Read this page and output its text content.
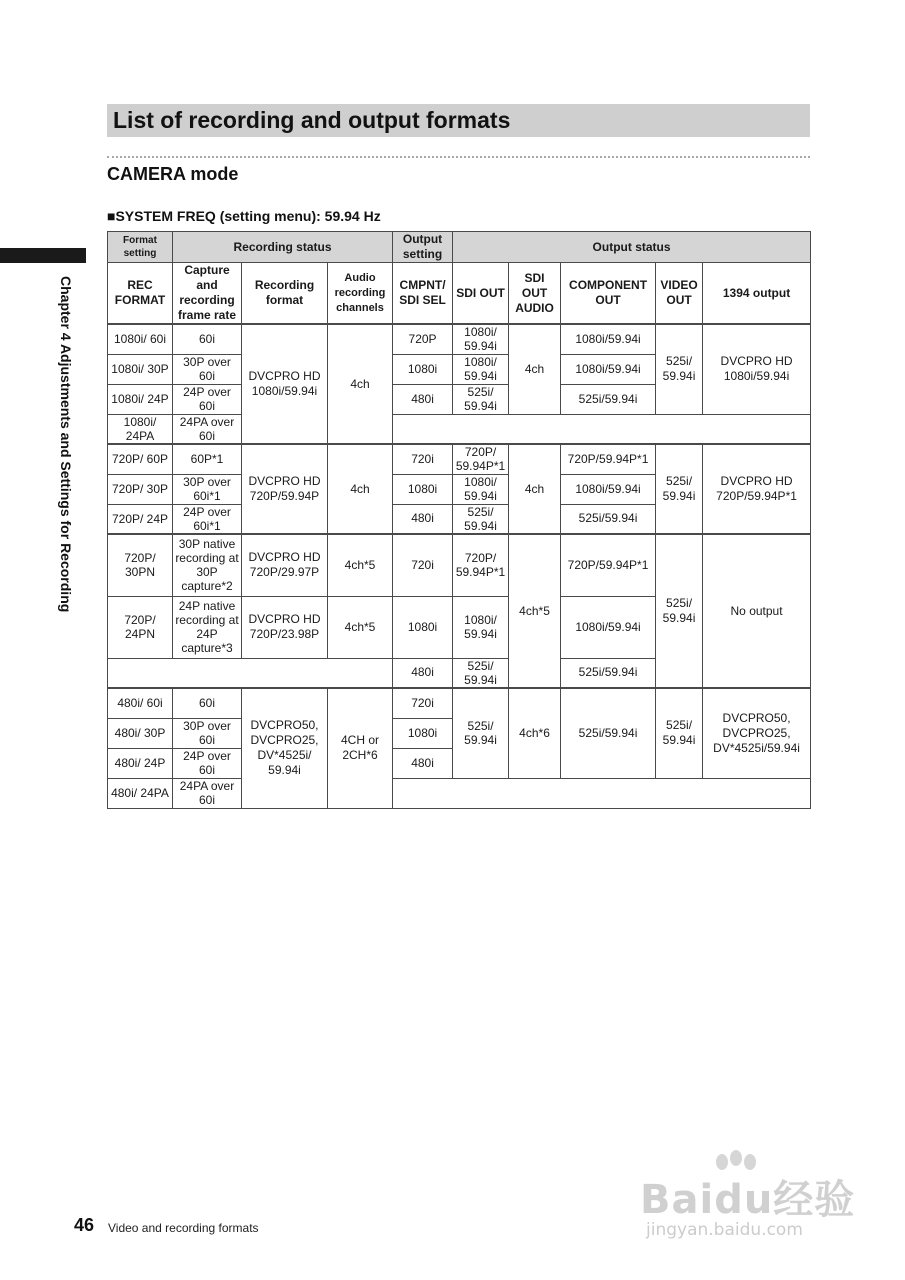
List of recording and output formats
CAMERA mode
■SYSTEM FREQ (setting menu): 59.94 Hz
Chapter 4 Adjustments and Settings for Recording
Format setting	Recording status			Output setting	Output status				
REC FORMAT	Capture and recording frame rate	Recording format	Audio recording channels	CMPNT/ SDI SEL	SDI OUT	SDI OUT AUDIO	COMPONENT OUT	VIDEO OUT	1394 output
1080i/ 60i	60i	DVCPRO HD 1080i/59.94i	4ch	720P	1080i/ 59.94i	4ch	1080i/59.94i	525i/ 59.94i	DVCPRO HD 1080i/59.94i
1080i/ 30P	30P over 60i			1080i	1080i/ 59.94i		1080i/59.94i		
1080i/ 24P	24P over 60i			480i	525i/ 59.94i		525i/59.94i		
1080i/ 24PA	24PA over 60i								
720P/ 60P	60P*1	DVCPRO HD 720P/59.94P	4ch	720i	720P/ 59.94P*1	4ch	720P/59.94P*1	525i/ 59.94i	DVCPRO HD 720P/59.94P*1
720P/ 30P	30P over 60i*1			1080i	1080i/ 59.94i		1080i/59.94i		
720P/ 24P	24P over 60i*1			480i	525i/ 59.94i		525i/59.94i		
720P/ 30PN	30P native recording at 30P capture*2	DVCPRO HD 720P/29.97P	4ch*5	720i	720P/ 59.94P*1	4ch*5	720P/59.94P*1	525i/ 59.94i	No output
720P/ 24PN	24P native recording at 24P capture*3	DVCPRO HD 720P/23.98P	4ch*5	1080i	1080i/ 59.94i		1080i/59.94i		
				480i	525i/ 59.94i		525i/59.94i		
480i/ 60i	60i	DVCPRO50, DVCPRO25, DV*4525i/ 59.94i	4CH or 2CH*6	720i	525i/ 59.94i	4ch*6	525i/59.94i	525i/ 59.94i	DVCPRO50, DVCPRO25, DV*4525i/59.94i
480i/ 30P	30P over 60i			1080i					
480i/ 24P	24P over 60i			480i					
480i/ 24PA	24PA over 60i								
46 Video and recording formats
Baidu经验
jingyan.baidu.com
